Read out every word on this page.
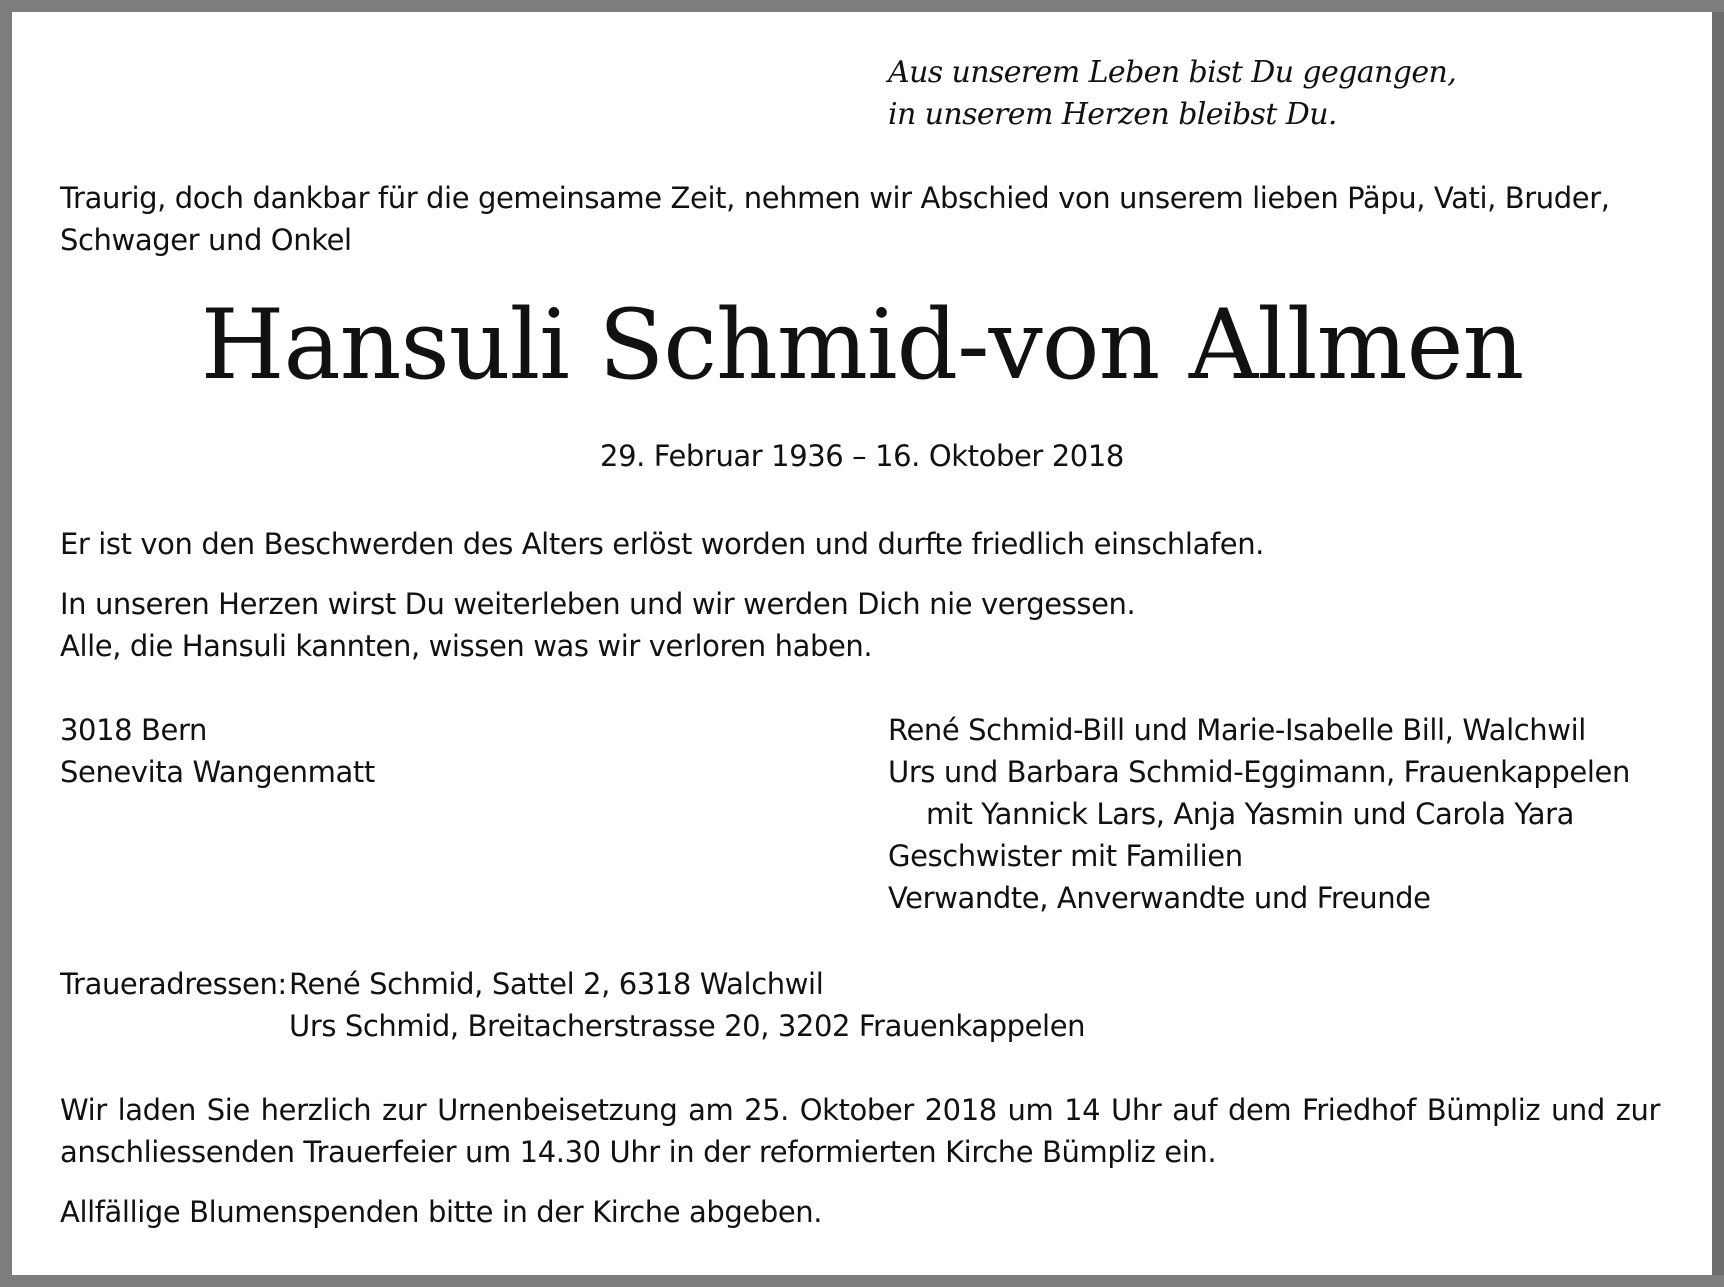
Aus unserem Leben bist Du gegangen,
in unserem Herzen bleibst Du.
Traurig, doch dankbar für die gemeinsame Zeit, nehmen wir Abschied von unserem lieben Päpu, Vati, Bruder, Schwager und Onkel
Hansuli Schmid-von Allmen
29. Februar 1936 – 16. Oktober 2018
Er ist von den Beschwerden des Alters erlöst worden und durfte friedlich einschlafen.
In unseren Herzen wirst Du weiterleben und wir werden Dich nie vergessen.
Alle, die Hansuli kannten, wissen was wir verloren haben.
3018 Bern
Senevita Wangenmatt
René Schmid-Bill und Marie-Isabelle Bill, Walchwil
Urs und Barbara Schmid-Eggimann, Frauenkappelen
mit Yannick Lars, Anja Yasmin und Carola Yara
Geschwister mit Familien
Verwandte, Anverwandte und Freunde
Traueradressen:René Schmid, Sattel 2, 6318 Walchwil
Urs Schmid, Breitacherstrasse 20, 3202 Frauenkappelen
Wir laden Sie herzlich zur Urnenbeisetzung am 25. Oktober 2018 um 14 Uhr auf dem Friedhof Bümpliz und zur anschliessenden Trauerfeier um 14.30 Uhr in der reformierten Kirche Bümpliz ein.
Allfällige Blumenspenden bitte in der Kirche abgeben.
